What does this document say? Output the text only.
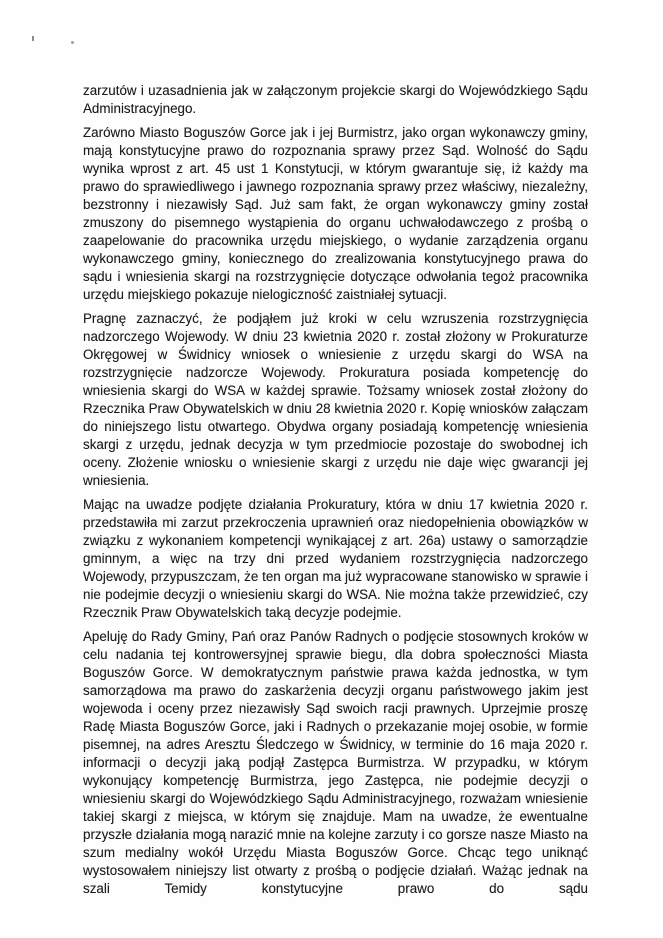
zarzutów i uzasadnienia jak w załączonym projekcie skargi do Wojewódzkiego Sądu Administracyjnego.

Zarówno Miasto Boguszów Gorce jak i jej Burmistrz, jako organ wykonawczy gminy, mają konstytucyjne prawo do rozpoznania sprawy przez Sąd. Wolność do Sądu wynika wprost z art. 45 ust 1 Konstytucji, w którym gwarantuje się, iż każdy ma prawo do sprawiedliwego i jawnego rozpoznania sprawy przez właściwy, niezależny, bezstronny i niezawisły Sąd. Już sam fakt, że organ wykonawczy gminy został zmuszony do pisemnego wystąpienia do organu uchwałodawczego z prośbą o zaapelowanie do pracownika urzędu miejskiego, o wydanie zarządzenia organu wykonawczego gminy, koniecznego do zrealizowania konstytucyjnego prawa do sądu i wniesienia skargi na rozstrzygnięcie dotyczące odwołania tegoż pracownika urzędu miejskiego pokazuje nielogiczność zaistniałej sytuacji.

Pragnę zaznaczyć, że podjąłem już kroki w celu wzruszenia rozstrzygnięcia nadzorczego Wojewody. W dniu 23 kwietnia 2020 r. został złożony w Prokuraturze Okręgowej w Świdnicy wniosek o wniesienie z urzędu skargi do WSA na rozstrzygnięcie nadzorcze Wojewody. Prokuratura posiada kompetencję do wniesienia skargi do WSA w każdej sprawie. Tożsamy wniosek został złożony do Rzecznika Praw Obywatelskich w dniu 28 kwietnia 2020 r. Kopię wniosków załączam do niniejszego listu otwartego. Obydwa organy posiadają kompetencję wniesienia skargi z urzędu, jednak decyzja w tym przedmiocie pozostaje do swobodnej ich oceny. Złożenie wniosku o wniesienie skargi z urzędu nie daje więc gwarancji jej wniesienia.

Mając na uwadze podjęte działania Prokuratury, która w dniu 17 kwietnia 2020 r. przedstawiła mi zarzut przekroczenia uprawnień oraz niedopełnienia obowiązków w związku z wykonaniem kompetencji wynikającej z art. 26a) ustawy o samorządzie gminnym, a więc na trzy dni przed wydaniem rozstrzygnięcia nadzorczego Wojewody, przypuszczam, że ten organ ma już wypracowane stanowisko w sprawie i nie podejmie decyzji o wniesieniu skargi do WSA. Nie można także przewidzieć, czy Rzecznik Praw Obywatelskich taką decyzje podejmie.

Apeluję do Rady Gminy, Pań oraz Panów Radnych o podjęcie stosownych kroków w celu nadania tej kontrowersyjnej sprawie biegu, dla dobra społeczności Miasta Boguszów Gorce. W demokratycznym państwie prawa każda jednostka, w tym samorządowa ma prawo do zaskarżenia decyzji organu państwowego jakim jest wojewoda i oceny przez niezawisły Sąd swoich racji prawnych. Uprzejmie proszę Radę Miasta Boguszów Gorce, jaki i Radnych o przekazanie mojej osobie, w formie pisemnej, na adres Aresztu Śledczego w Świdnicy, w terminie do 16 maja 2020 r. informacji o decyzji jaką podjął Zastępca Burmistrza. W przypadku, w którym wykonujący kompetencję Burmistrza, jego Zastępca, nie podejmie decyzji o wniesieniu skargi do Wojewódzkiego Sądu Administracyjnego, rozważam wniesienie takiej skargi z miejsca, w którym się znajduje. Mam na uwadze, że ewentualne przyszłe działania mogą narazić mnie na kolejne zarzuty i co gorsze nasze Miasto na szum medialny wokół Urzędu Miasta Boguszów Gorce. Chcąc tego uniknąć wystosowałem niniejszy list otwarty z prośbą o podjęcie działań. Ważąc jednak na szali Temidy konstytucyjne prawo do sądu
